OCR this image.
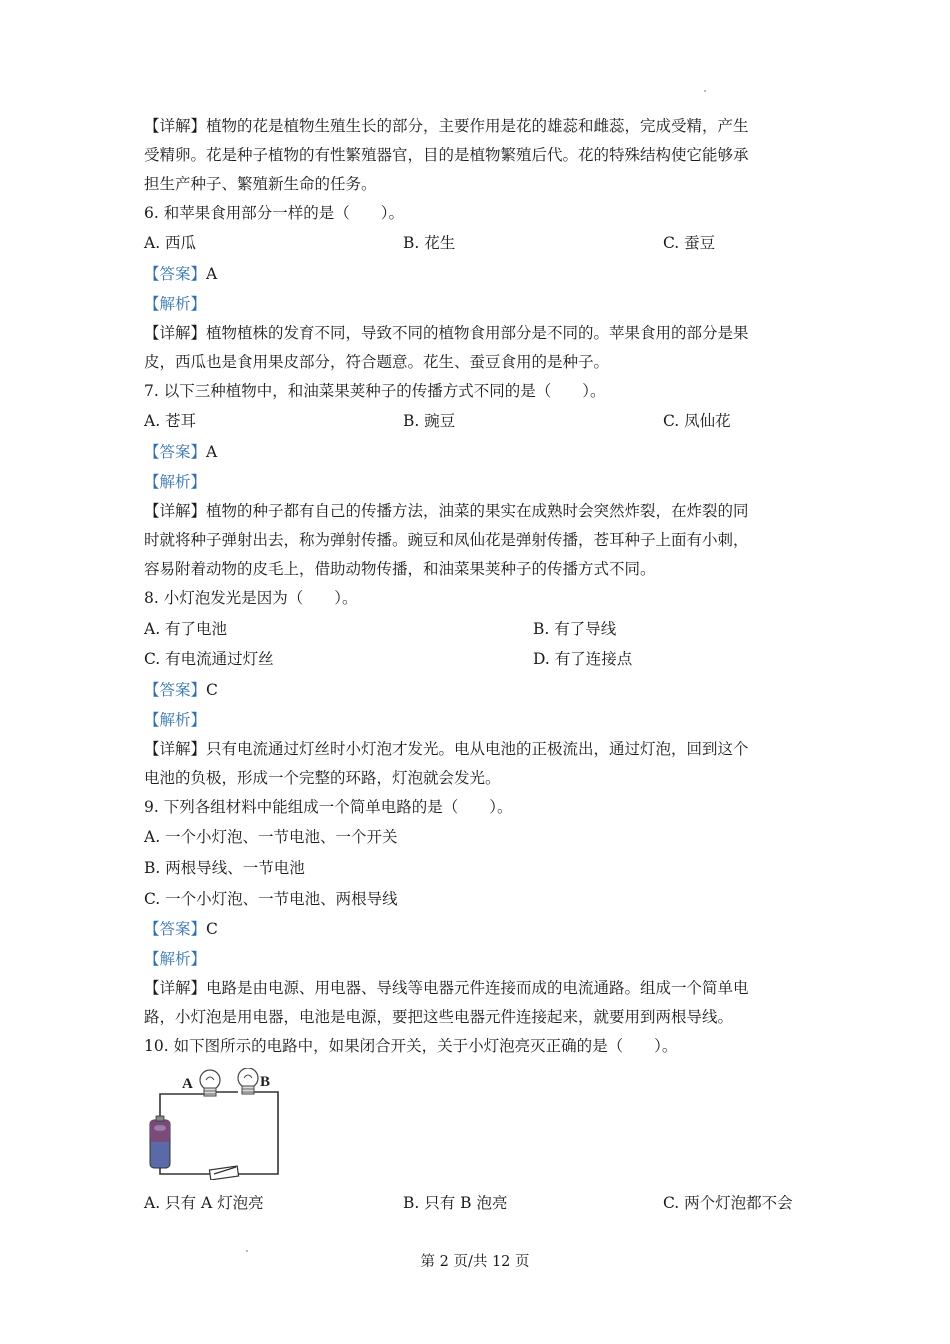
【详解】植物的花是植物生殖生长的部分，主要作用是花的雄蕊和雌蕊，完成受精，产生
受精卵。花是种子植物的有性繁殖器官，目的是植物繁殖后代。花的特殊结构使它能够承
担生产种子、繁殖新生命的任务。
6. 和苹果食用部分一样的是（　　）。
A. 西瓜	B. 花生	C. 蚕豆
【答案】A
【解析】
【详解】植物植株的发育不同，导致不同的植物食用部分是不同的。苹果食用的部分是果
皮，西瓜也是食用果皮部分，符合题意。花生、蚕豆食用的是种子。
7. 以下三种植物中，和油菜果荚种子的传播方式不同的是（　　）。
A. 苍耳	B. 豌豆	C. 凤仙花
【答案】A
【解析】
【详解】植物的种子都有自己的传播方法，油菜的果实在成熟时会突然炸裂，在炸裂的同
时就将种子弹射出去，称为弹射传播。豌豆和凤仙花是弹射传播，苍耳种子上面有小刺，
容易附着动物的皮毛上，借助动物传播，和油菜果荚种子的传播方式不同。
8. 小灯泡发光是因为（　　）。
A. 有了电池	B. 有了导线
C. 有电流通过灯丝	D. 有了连接点
【答案】C
【解析】
【详解】只有电流通过灯丝时小灯泡才发光。电从电池的正极流出，通过灯泡，回到这个
电池的负极，形成一个完整的环路，灯泡就会发光。
9. 下列各组材料中能组成一个简单电路的是（　　）。
A. 一个小灯泡、一节电池、一个开关
B. 两根导线、一节电池
C. 一个小灯泡、一节电池、两根导线
【答案】C
【解析】
【详解】电路是由电源、用电器、导线等电器元件连接而成的电流通路。组成一个简单电
路，小灯泡是用电器，电池是电源，要把这些电器元件连接起来，就要用到两根导线。
10. 如下图所示的电路中，如果闭合开关，关于小灯泡亮灭正确的是（　　）。
A	B
A. 只有 A 灯泡亮	B. 只有 B 泡亮	C. 两个灯泡都不会
第 2 页/共 12 页
